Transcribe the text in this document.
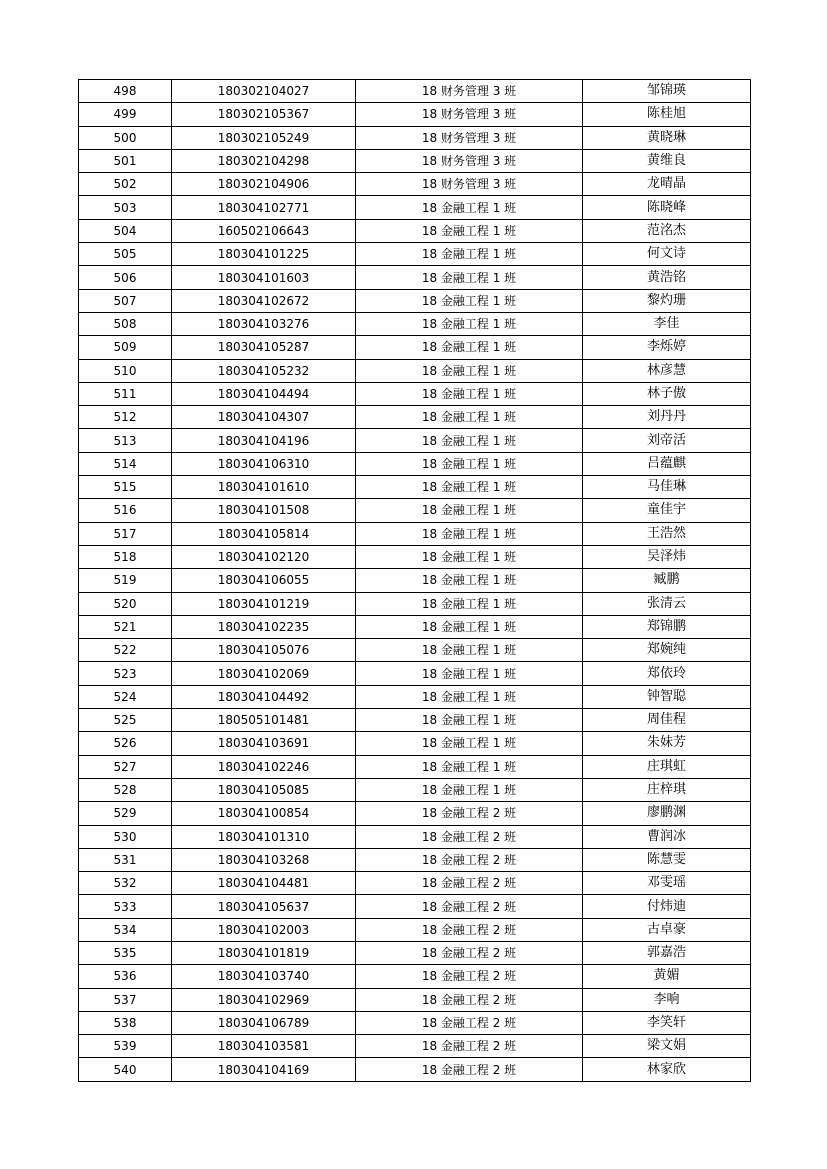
498	180302104027	18 财务管理 3 班	邹锦瑛
499	180302105367	18 财务管理 3 班	陈桂旭
500	180302105249	18 财务管理 3 班	黄晓琳
501	180302104298	18 财务管理 3 班	黄维良
502	180302104906	18 财务管理 3 班	龙晴晶
503	180304102771	18 金融工程 1 班	陈晓峰
504	160502106643	18 金融工程 1 班	范洺杰
505	180304101225	18 金融工程 1 班	何文诗
506	180304101603	18 金融工程 1 班	黄浩铭
507	180304102672	18 金融工程 1 班	黎灼珊
508	180304103276	18 金融工程 1 班	李佳
509	180304105287	18 金融工程 1 班	李烁婷
510	180304105232	18 金融工程 1 班	林彦慧
511	180304104494	18 金融工程 1 班	林子傲
512	180304104307	18 金融工程 1 班	刘丹丹
513	180304104196	18 金融工程 1 班	刘帝活
514	180304106310	18 金融工程 1 班	吕蕴麒
515	180304101610	18 金融工程 1 班	马佳琳
516	180304101508	18 金融工程 1 班	童佳宇
517	180304105814	18 金融工程 1 班	王浩然
518	180304102120	18 金融工程 1 班	吴泽炜
519	180304106055	18 金融工程 1 班	臧鹏
520	180304101219	18 金融工程 1 班	张清云
521	180304102235	18 金融工程 1 班	郑锦鹏
522	180304105076	18 金融工程 1 班	郑婉纯
523	180304102069	18 金融工程 1 班	郑依玲
524	180304104492	18 金融工程 1 班	钟智聪
525	180505101481	18 金融工程 1 班	周佳程
526	180304103691	18 金融工程 1 班	朱妹芳
527	180304102246	18 金融工程 1 班	庄琪虹
528	180304105085	18 金融工程 1 班	庄梓琪
529	180304100854	18 金融工程 2 班	廖鹏渊
530	180304101310	18 金融工程 2 班	曹润冰
531	180304103268	18 金融工程 2 班	陈慧雯
532	180304104481	18 金融工程 2 班	邓雯瑶
533	180304105637	18 金融工程 2 班	付炜迪
534	180304102003	18 金融工程 2 班	古卓豪
535	180304101819	18 金融工程 2 班	郭嘉浩
536	180304103740	18 金融工程 2 班	黄媚
537	180304102969	18 金融工程 2 班	李响
538	180304106789	18 金融工程 2 班	李笑轩
539	180304103581	18 金融工程 2 班	梁文娟
540	180304104169	18 金融工程 2 班	林家欣
